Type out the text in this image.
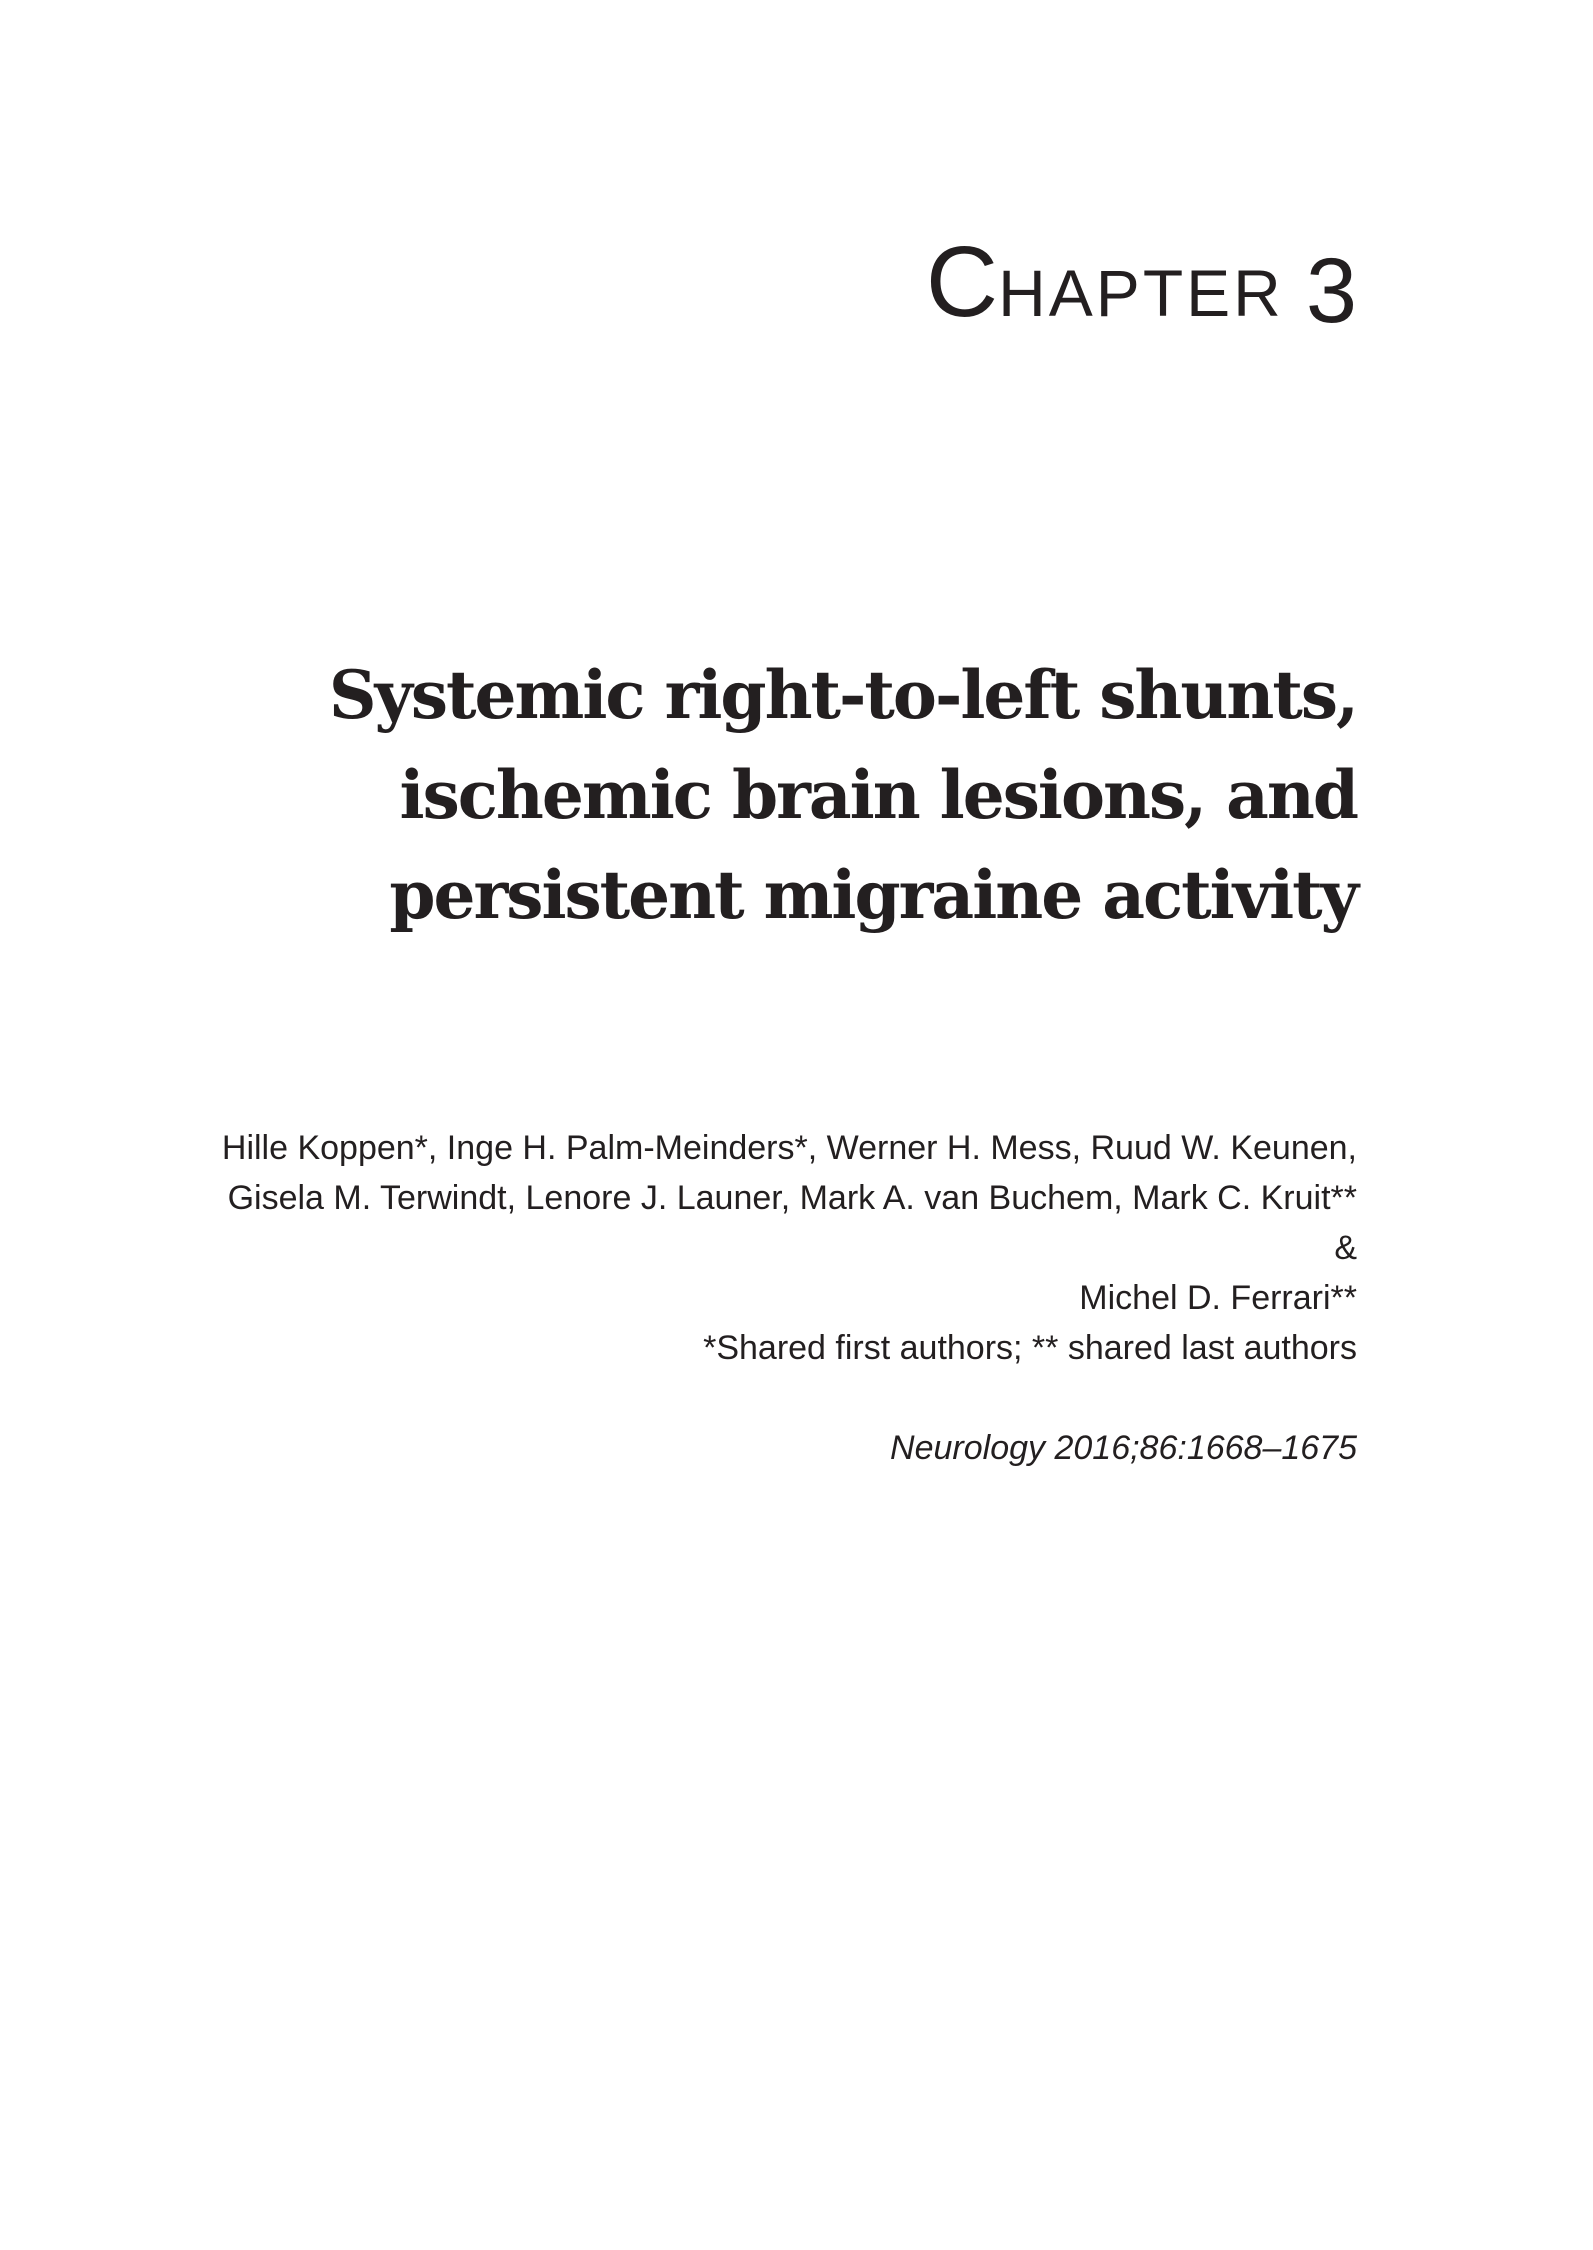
C HAPTER 3
Systemic right-to-left shunts,
ischemic brain lesions, and
persistent migraine activity
Hille Koppen*, Inge H. Palm-Meinders*, Werner H. Mess, Ruud W. Keunen,
Gisela M. Terwindt, Lenore J. Launer, Mark A. van Buchem, Mark C. Kruit** &
Michel D. Ferrari**
*Shared first authors; ** shared last authors
Neurology 2016;86:1668–1675
